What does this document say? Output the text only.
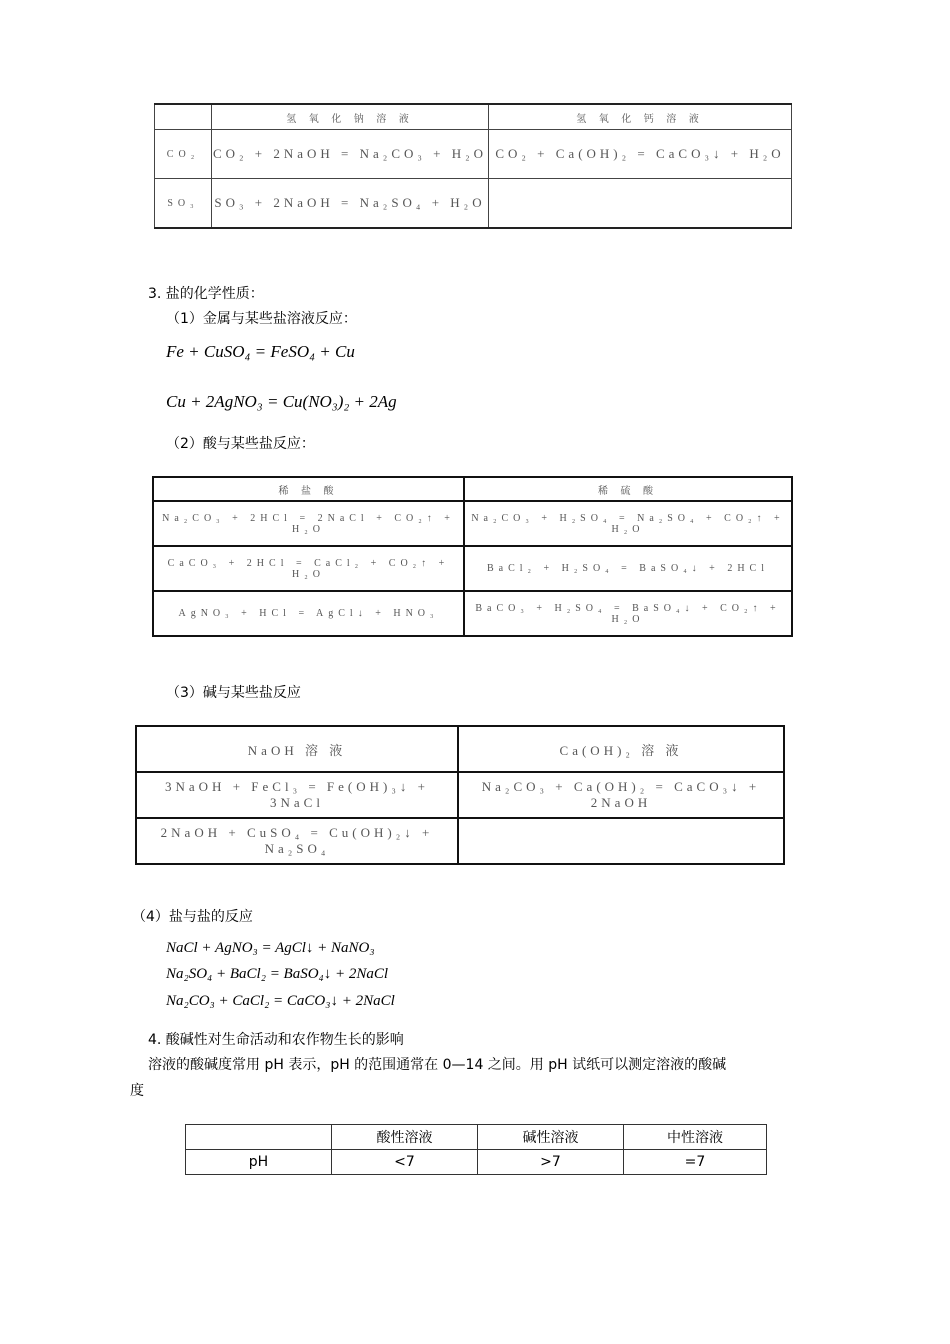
	氢 氧 化 钠 溶 液	氢 氧 化 钙 溶 液
CO₂	CO₂ + 2NaOH = Na₂CO₃ + H₂O	CO₂ + Ca(OH)₂ = CaCO₃↓ + H₂O
SO₃	SO₃ + 2NaOH = Na₂SO₄ + H₂O	
3. 盐的化学性质：
（1）金属与某些盐溶液反应：
Fe + CuSO₄ = FeSO₄ + Cu
Cu + 2AgNO₃ = Cu(NO₃)₂ + 2Ag
（2）酸与某些盐反应：
稀 盐 酸	稀 硫 酸
Na₂CO₃ + 2HCl = 2NaCl + CO₂↑ + H₂O	Na₂CO₃ + H₂SO₄ = Na₂SO₄ + CO₂↑ + H₂O
CaCO₃ + 2HCl = CaCl₂ + CO₂↑ + H₂O	BaCl₂ + H₂SO₄ = BaSO₄↓ + 2HCl
AgNO₃ + HCl = AgCl↓ + HNO₃	BaCO₃ + H₂SO₄ = BaSO₄↓ + CO₂↑ + H₂O
（3）碱与某些盐反应
NaOH 溶 液	Ca(OH)₂ 溶 液
3NaOH + FeCl₃ = Fe(OH)₃↓ + 3NaCl	Na₂CO₃ + Ca(OH)₂ = CaCO₃↓ + 2NaOH
2NaOH + CuSO₄ = Cu(OH)₂↓ + Na₂SO₄	
（4）盐与盐的反应
NaCl + AgNO₃ = AgCl↓ + NaNO₃
Na₂SO₄ + BaCl₂ = BaSO₄↓ + 2NaCl
Na₂CO₃ + CaCl₂ = CaCO₃↓ + 2NaCl
4. 酸碱性对生命活动和农作物生长的影响
溶液的酸碱度常用 pH 表示，pH 的范围通常在 0—14 之间。用 pH 试纸可以测定溶液的酸碱
度
	酸性溶液	碱性溶液	中性溶液
pH	<7	>7	=7
